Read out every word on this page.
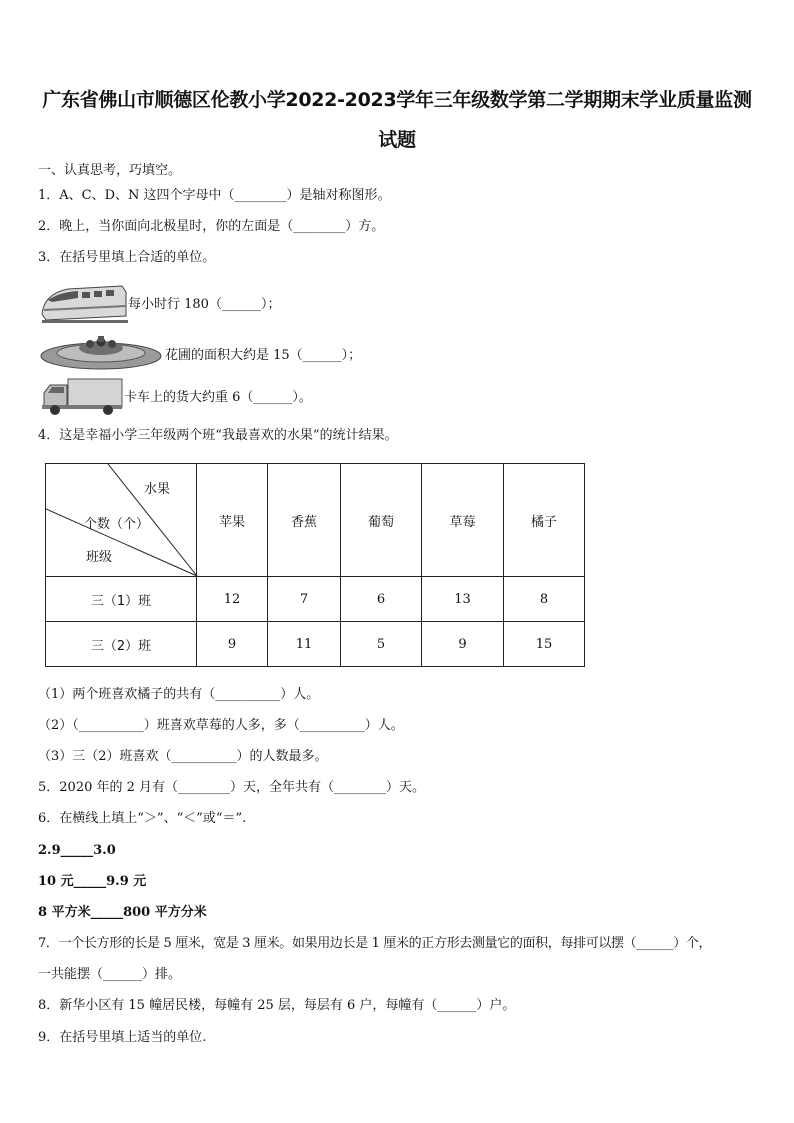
广东省佛山市顺德区伦教小学2022-2023学年三年级数学第二学期期末学业质量监测
试题
一、认真思考，巧填空。
1．A、C、D、N 这四个字母中（________）是轴对称图形。
2．晚上，当你面向北极星时，你的左面是（________）方。
3．在括号里填上合适的单位。
每小时行 180（______）；
花圃的面积大约是 15（______）；
卡车上的货大约重 6（______）。
4．这是幸福小学三年级两个班“我最喜欢的水果”的统计结果。
水果
个数（个）
班级	苹果	香蕉	葡萄	草莓	橘子
三（1）班	12	7	6	13	8
三（2）班	9	11	5	9	15
（1）两个班喜欢橘子的共有（__________）人。
（2）（__________）班喜欢草莓的人多，多（__________）人。
（3）三（2）班喜欢（__________）的人数最多。
5．2020 年的 2 月有（________）天，全年共有（________）天。
6．在横线上填上“＞”、“＜”或“＝”.
2.9_____3.0
10 元_____9.9 元
8 平方米_____800 平方分米
7．一个长方形的长是 5 厘米，宽是 3 厘米。如果用边长是 1 厘米的正方形去测量它的面积，每排可以摆（______）个，
一共能摆（______）排。
8．新华小区有 15 幢居民楼，每幢有 25 层，每层有 6 户，每幢有（______）户。
9．在括号里填上适当的单位.
